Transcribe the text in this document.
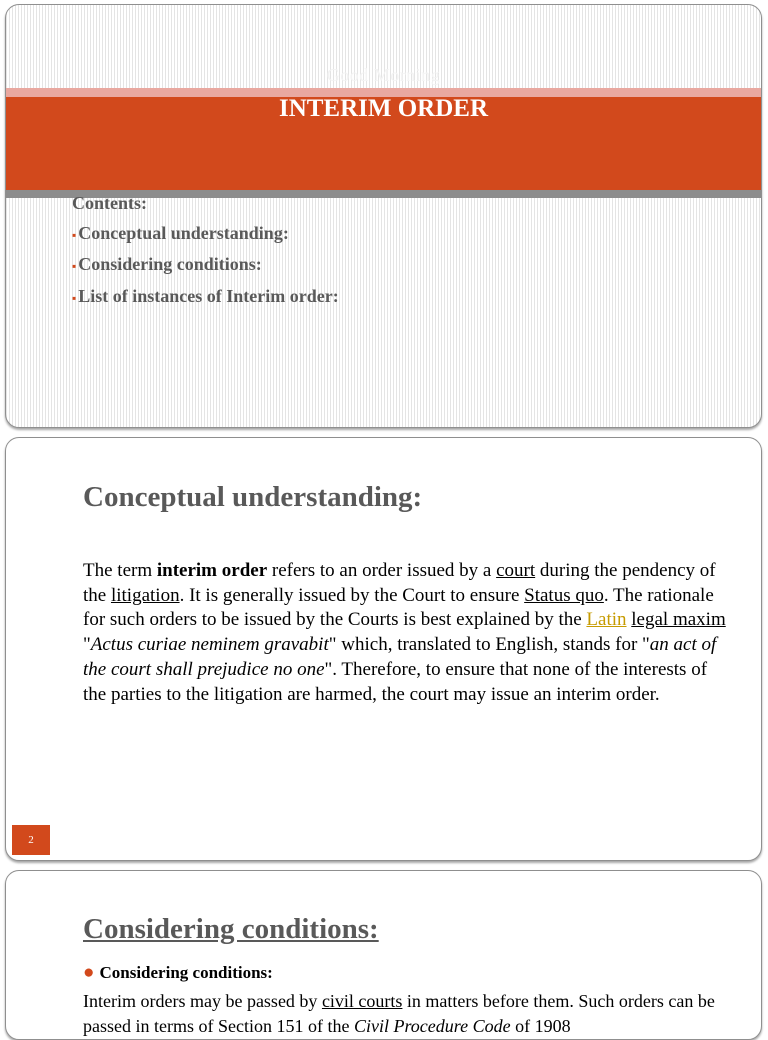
Good Morning
INTERIM ORDER
Contents:
▪ Conceptual understanding:
▪ Considering conditions:
▪ List of instances of Interim order:
Conceptual understanding:
The term interim order refers to an order issued by a court during the pendency of the litigation. It is generally issued by the Court to ensure Status quo. The rationale for such orders to be issued by the Courts is best explained by the Latin legal maxim "Actus curiae neminem gravabit" which, translated to English, stands for "an act of the court shall prejudice no one". Therefore, to ensure that none of the interests of the parties to the litigation are harmed, the court may issue an interim order.
2
Considering conditions:
● Considering conditions:
Interim orders may be passed by civil courts in matters before them. Such orders can be passed in terms of Section 151 of the Civil Procedure Code of 1908
